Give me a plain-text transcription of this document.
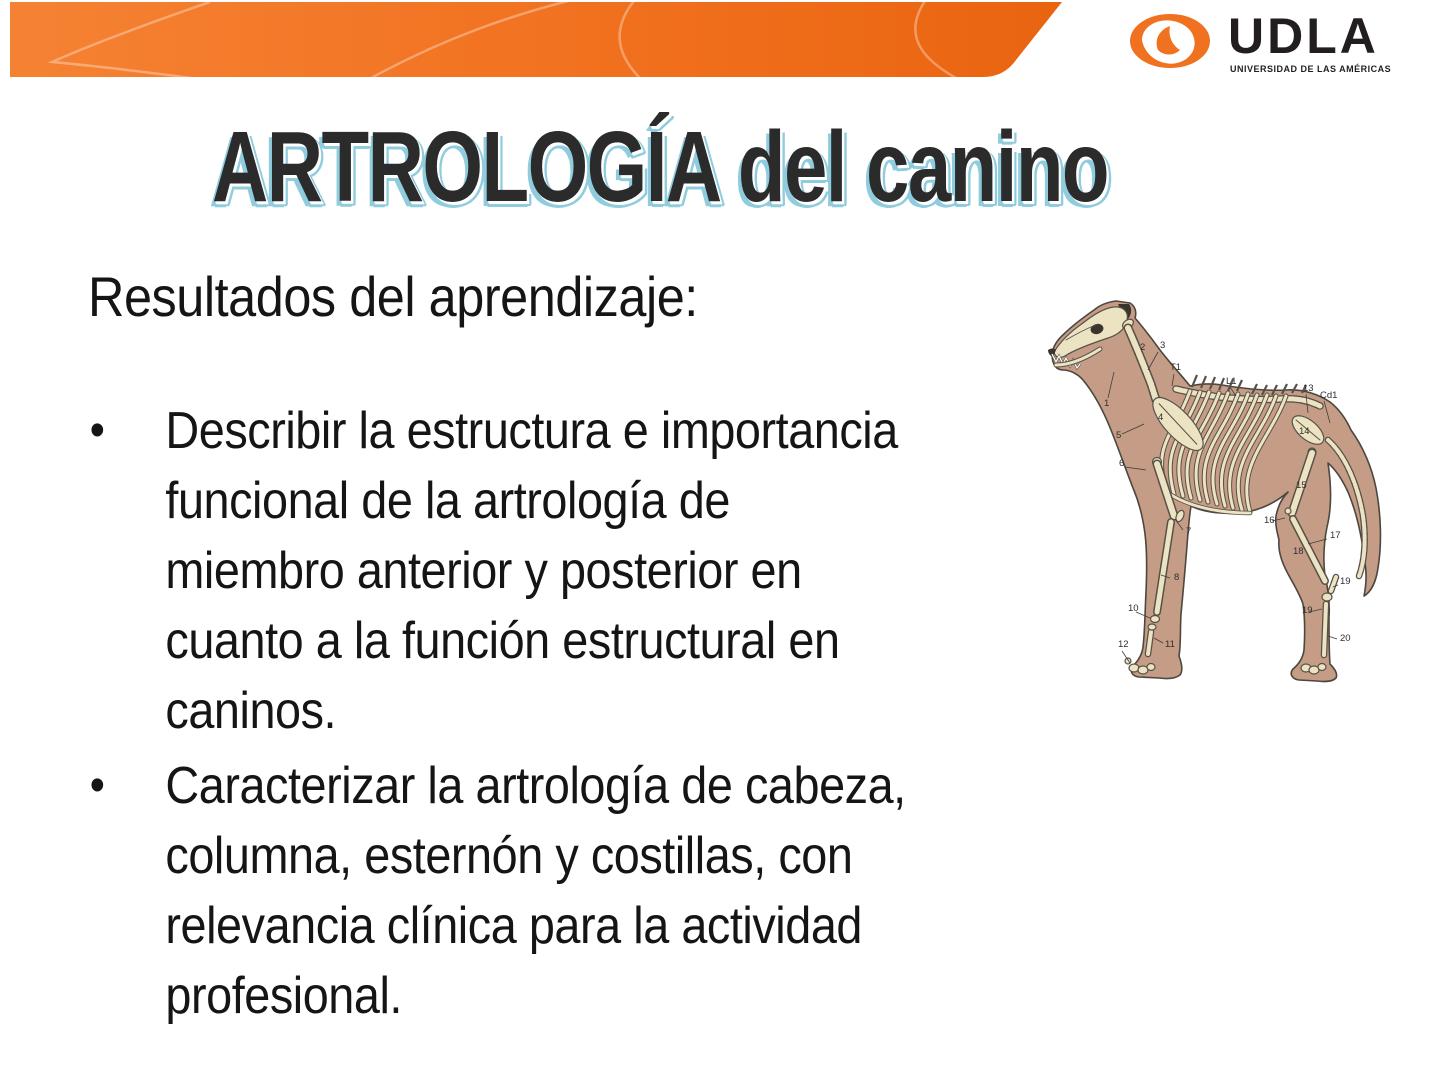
UDLA
UNIVERSIDAD DE LAS AMÉRICAS
ARTROLOGÍA del canino
Resultados del aprendizaje:
•	Describir la estructura e importancia
funcional de la artrología de
miembro anterior y posterior en
cuanto a la función estructural en
caninos.
•	Caracterizar la artrología de cabeza,
columna, esternón y costillas, con
relevancia clínica para la actividad
profesional.
1
2 3
T1
4
5
6
7
8
10
11
12
L1
13
Cd1
14
15
16
17
18
19
19
20
